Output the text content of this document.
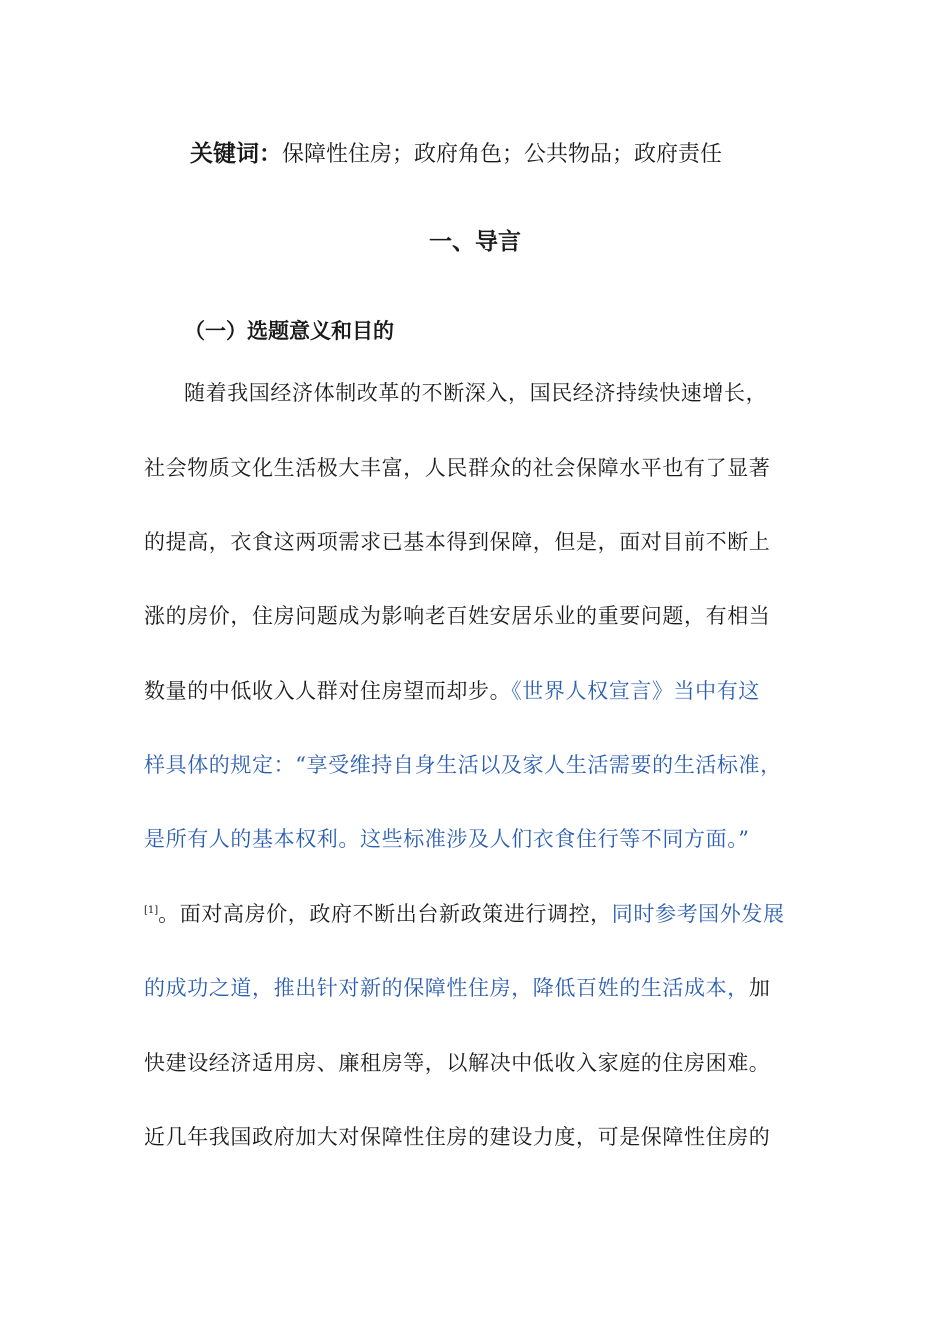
关键词：保障性住房；政府角色；公共物品；政府责任
一、导言
（一）选题意义和目的
随着我国经济体制改革的不断深入，国民经济持续快速增长，
社会物质文化生活极大丰富，人民群众的社会保障水平也有了显著
的提高，衣食这两项需求已基本得到保障，但是，面对目前不断上
涨的房价，住房问题成为影响老百姓安居乐业的重要问题，有相当
数量的中低收入人群对住房望而却步。《世界人权宣言》当中有这
样具体的规定：“享受维持自身生活以及家人生活需要的生活标准，
是所有人的基本权利。这些标准涉及人们衣食住行等不同方面。”
[1]。面对高房价，政府不断出台新政策进行调控，同时参考国外发展
的成功之道，推出针对新的保障性住房，降低百姓的生活成本，加
快建设经济适用房、廉租房等，以解决中低收入家庭的住房困难。
近几年我国政府加大对保障性住房的建设力度，可是保障性住房的
